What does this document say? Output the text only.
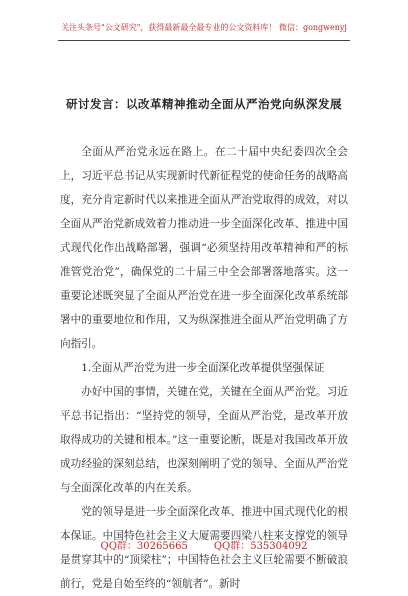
关注头条号"公文研究"，获得最新最全最专业的公文资料库！ 微信：gongwenyj
研讨发言：以改革精神推动全面从严治党向纵深发展

全面从严治党永远在路上。在二十届中央纪委四次全会上，习近平总书记从实现新时代新征程党的使命任务的战略高度，充分肯定新时代以来推进全面从严治党取得的成效，对以全面从严治党新成效着力推动进一步全面深化改革、推进中国式现代化作出战略部署，强调“必须坚持用改革精神和严的标准管党治党”，确保党的二十届三中全会部署落地落实。这一重要论述既突显了全面从严治党在进一步全面深化改革系统部署中的重要地位和作用，又为纵深推进全面从严治党明确了方向指引。

1.全面从严治党为进一步全面深化改革提供坚强保证

办好中国的事情，关键在党，关键在全面从严治党。习近平总书记指出：“坚持党的领导，全面从严治党，是改革开放取得成功的关键和根本。”这一重要论断，既是对我国改革开放成功经验的深刻总结，也深刻阐明了党的领导、全面从严治党与全面深化改革的内在关系。

党的领导是进一步全面深化改革、推进中国式现代化的根本保证。中国特色社会主义大厦需要四梁八柱来支撑党的领导是贯穿其中的“顶梁柱”；中国特色社会主义巨轮需要不断破浪前行，党是自始至终的“领航者”。新时

QQ群：30265665	QQ群：535304092
